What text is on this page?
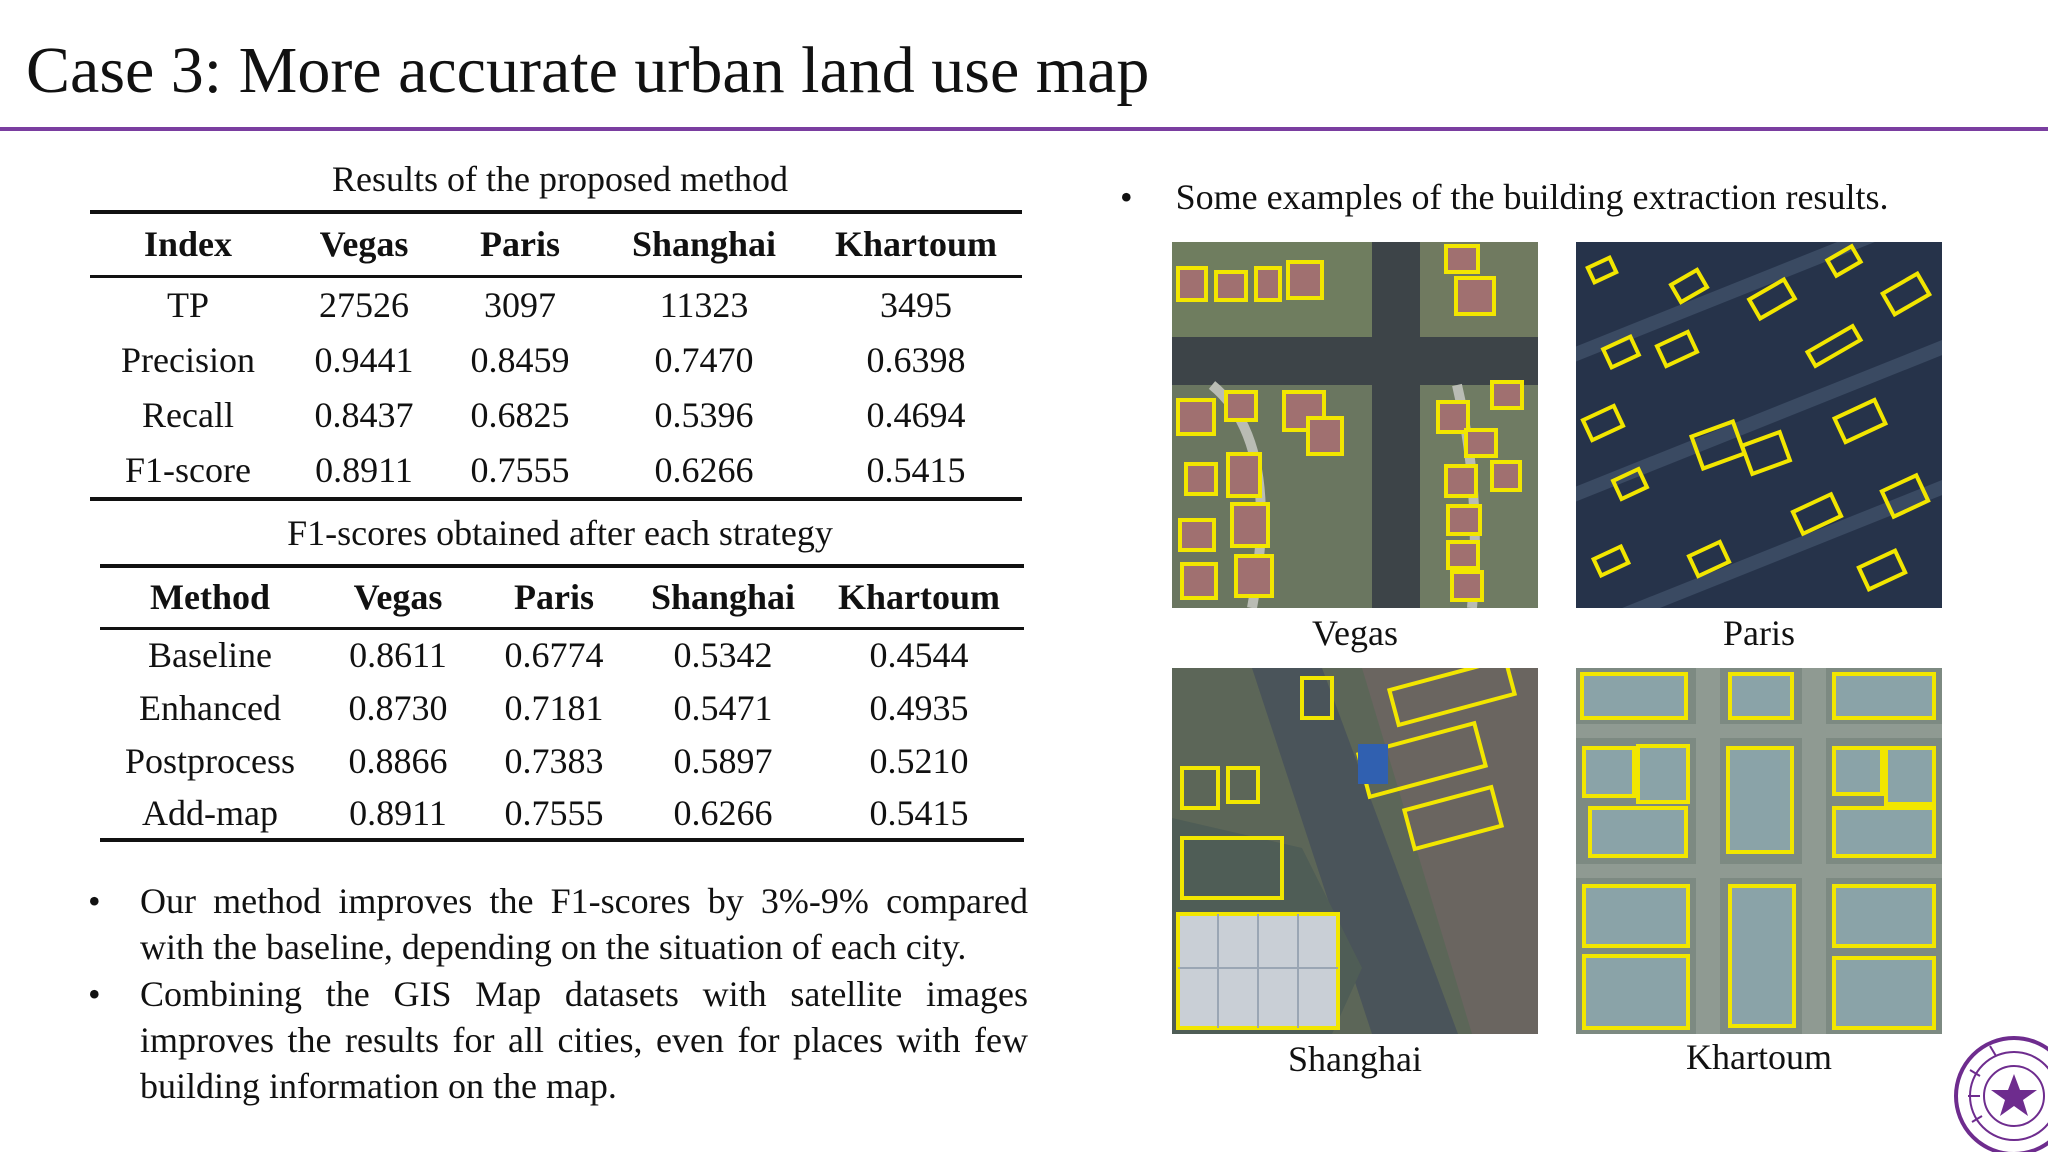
Case 3: More accurate urban land use map
Results of the proposed method
Index	Vegas	Paris	Shanghai	Khartoum
TP	27526	3097	11323	3495
Precision	0.9441	0.8459	0.7470	0.6398
Recall	0.8437	0.6825	0.5396	0.4694
F1-score	0.8911	0.7555	0.6266	0.5415
F1-scores obtained after each strategy
Method	Vegas	Paris	Shanghai	Khartoum
Baseline	0.8611	0.6774	0.5342	0.4544
Enhanced	0.8730	0.7181	0.5471	0.4935
Postprocess	0.8866	0.7383	0.5897	0.5210
Add-map	0.8911	0.7555	0.6266	0.5415
• Our method improves the F1-scores by 3%-9% compared with the baseline, depending on the situation of each city.
• Combining the GIS Map datasets with satellite images improves the results for all cities, even for places with few building information on the map.
• Some examples of the building extraction results.
Vegas	Paris
Shanghai	Khartoum
